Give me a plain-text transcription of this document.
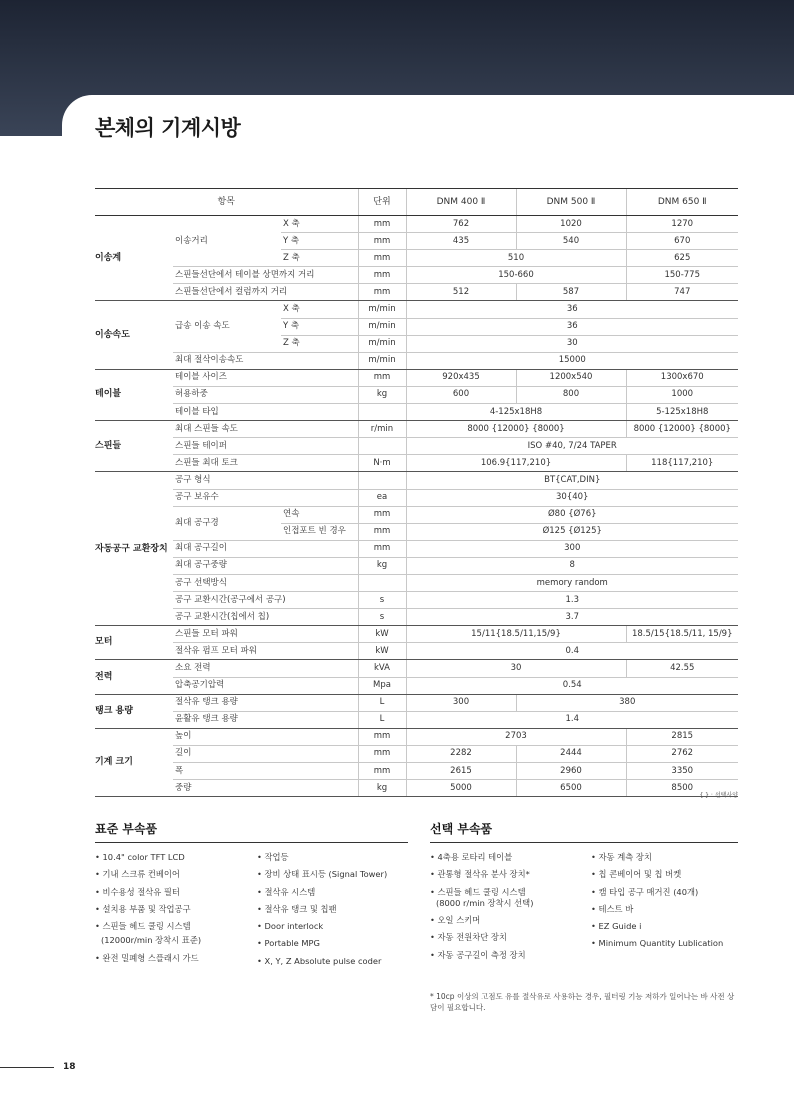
본체의 기계시방
항목			단위	DNM 400 Ⅱ	DNM 500 Ⅱ	DNM 650 Ⅱ
이송계	이송거리	X 축	mm	762	1020	1270
		Y 축	mm	435	540	670
		Z 축	mm	510		625
	스핀들선단에서 테이블 상면까지 거리		mm	150-660		150-775
	스핀들선단에서 컬럼까지 거리		mm	512	587	747
이송속도	급송 이송 속도	X 축	m/min	36		
		Y 축	m/min	36		
		Z 축	m/min	30		
	최대 절삭이송속도		m/min	15000		
테이블	테이블 사이즈		mm	920x435	1200x540	1300x670
	허용하중		kg	600	800	1000
	테이블 타입			4-125x18H8		5-125x18H8
스핀들	최대 스핀들 속도		r/min	8000 {12000} {8000}		8000 {12000} {8000}
	스핀들 테이퍼			ISO #40, 7/24 TAPER		
	스핀들 최대 토크		N·m	106.9{117,210}		118{117,210}
자동공구 교환장치	공구 형식			BT{CAT,DIN}		
	공구 보유수		ea	30{40}		
	최대 공구경	연속	mm	Ø80 {Ø76}		
		인접포트 빈 경우	mm	Ø125 {Ø125}		
	최대 공구길이		mm	300		
	최대 공구중량		kg	8		
	공구 선택방식			memory random		
	공구 교환시간(공구에서 공구)		s	1.3		
	공구 교환시간(칩에서 칩)		s	3.7		
모터	스핀들 모터 파워		kW	15/11{18.5/11,15/9}		18.5/15{18.5/11, 15/9}
	절삭유 펌프 모터 파워		kW	0.4		
전력	소요 전력		kVA	30		42.55
	압축공기압력		Mpa	0.54		
탱크 용량	절삭유 탱크 용량		L	300	380	
	윤활유 탱크 용량		L	1.4		
기계 크기	높이		mm	2703		2815
	길이		mm	2282	2444	2762
	폭		mm	2615	2960	3350
	중량		kg	5000	6500	8500
{ } : 선택사양
표준 부속품
• 10.4" color TFT LCD
• 기내 스크류 컨베이어
• 비수용성 절삭유 필터
• 설치용 부품 및 작업공구
• 스핀들 헤드 쿨링 시스템
(12000r/min 장착시 표준)
• 완전 밀폐형 스플래시 가드
• 작업등
• 장비 상태 표시등 (Signal Tower)
• 절삭유 시스템
• 절삭유 탱크 및 칩팬
• Door interlock
• Portable MPG
• X, Y, Z Absolute pulse coder
선택 부속품
• 4축용 로타리 테이블
• 관통형 절삭유 분사 장치*
• 스핀들 헤드 쿨링 시스템
(8000 r/min 장착시 선택)
• 오일 스키머
• 자동 전원차단 장치
• 자동 공구길이 측정 장치
• 자동 계측 장치
• 칩 콘베이어 및 칩 버켓
• 캠 타입 공구 매거진 (40개)
• 테스트 바
• EZ Guide i
• Minimum Quantity Lublication
* 10cp 이상의 고점도 유를 절삭유로 사용하는 경우, 필터링 기능 저하가 일어나는 바 사전 상담이 필요합니다.
18
